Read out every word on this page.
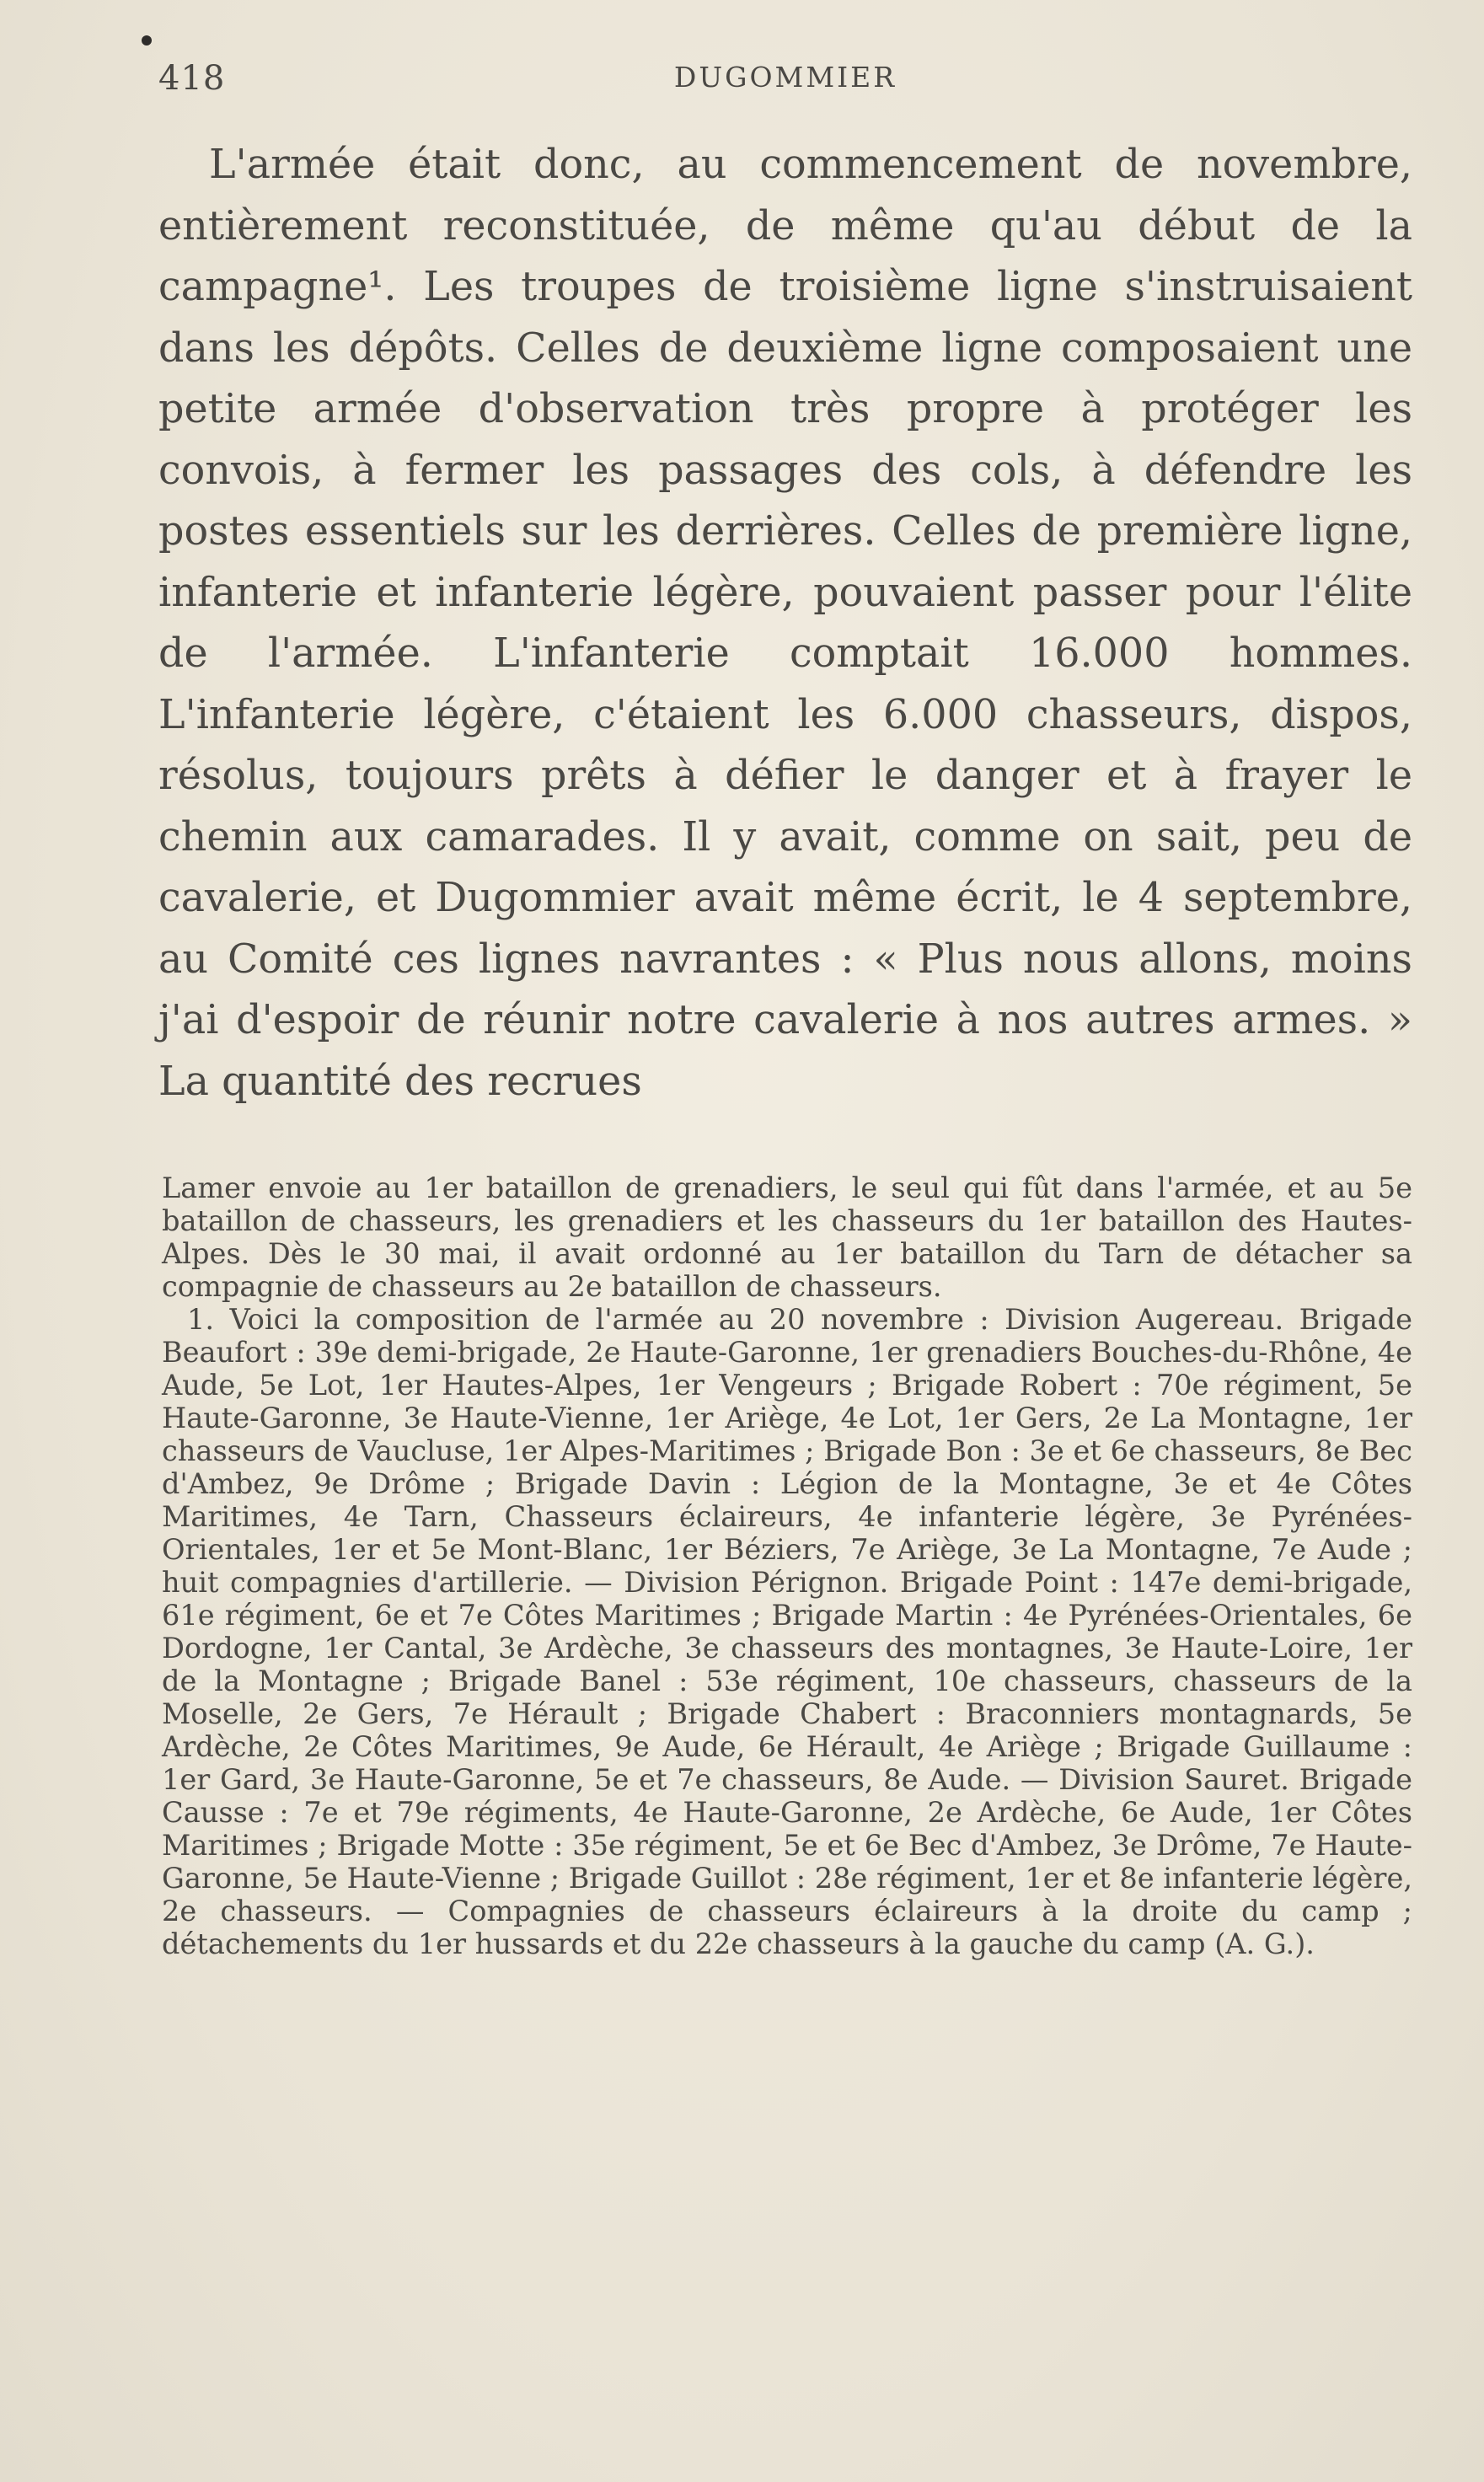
418	DUGOMMIER

L'armée était donc, au commencement de novembre, entièrement reconstituée, de même qu'au début de la campagne¹. Les troupes de troisième ligne s'instruisaient dans les dépôts. Celles de deuxième ligne composaient une petite armée d'observation très propre à protéger les convois, à fermer les passages des cols, à défendre les postes essentiels sur les derrières. Celles de première ligne, infanterie et infanterie légère, pouvaient passer pour l'élite de l'armée. L'infanterie comptait 16.000 hommes. L'infanterie légère, c'étaient les 6.000 chasseurs, dispos, résolus, toujours prêts à défier le danger et à frayer le chemin aux camarades. Il y avait, comme on sait, peu de cavalerie, et Dugommier avait même écrit, le 4 septembre, au Comité ces lignes navrantes : « Plus nous allons, moins j'ai d'espoir de réunir notre cavalerie à nos autres armes. » La quantité des recrues

Lamer envoie au 1er bataillon de grenadiers, le seul qui fût dans l'armée, et au 5e bataillon de chasseurs, les grenadiers et les chasseurs du 1er bataillon des Hautes-Alpes. Dès le 30 mai, il avait ordonné au 1er bataillon du Tarn de détacher sa compagnie de chasseurs au 2e bataillon de chasseurs.

1. Voici la composition de l'armée au 20 novembre : Division Augereau. Brigade Beaufort : 39e demi-brigade, 2e Haute-Garonne, 1er grenadiers Bouches-du-Rhône, 4e Aude, 5e Lot, 1er Hautes-Alpes, 1er Vengeurs ; Brigade Robert : 70e régiment, 5e Haute-Garonne, 3e Haute-Vienne, 1er Ariège, 4e Lot, 1er Gers, 2e La Montagne, 1er chasseurs de Vaucluse, 1er Alpes-Maritimes ; Brigade Bon : 3e et 6e chasseurs, 8e Bec d'Ambez, 9e Drôme ; Brigade Davin : Légion de la Montagne, 3e et 4e Côtes Maritimes, 4e Tarn, Chasseurs éclaireurs, 4e infanterie légère, 3e Pyrénées-Orientales, 1er et 5e Mont-Blanc, 1er Béziers, 7e Ariège, 3e La Montagne, 7e Aude ; huit compagnies d'artillerie. — Division Pérignon. Brigade Point : 147e demi-brigade, 61e régiment, 6e et 7e Côtes Maritimes ; Brigade Martin : 4e Pyrénées-Orientales, 6e Dordogne, 1er Cantal, 3e Ardèche, 3e chasseurs des montagnes, 3e Haute-Loire, 1er de la Montagne ; Brigade Banel : 53e régiment, 10e chasseurs, chasseurs de la Moselle, 2e Gers, 7e Hérault ; Brigade Chabert : Braconniers montagnards, 5e Ardèche, 2e Côtes Maritimes, 9e Aude, 6e Hérault, 4e Ariège ; Brigade Guillaume : 1er Gard, 3e Haute-Garonne, 5e et 7e chasseurs, 8e Aude. — Division Sauret. Brigade Causse : 7e et 79e régiments, 4e Haute-Garonne, 2e Ardèche, 6e Aude, 1er Côtes Maritimes ; Brigade Motte : 35e régiment, 5e et 6e Bec d'Ambez, 3e Drôme, 7e Haute-Garonne, 5e Haute-Vienne ; Brigade Guillot : 28e régiment, 1er et 8e infanterie légère, 2e chasseurs. — Compagnies de chasseurs éclaireurs à la droite du camp ; détachements du 1er hussards et du 22e chasseurs à la gauche du camp (A. G.).
